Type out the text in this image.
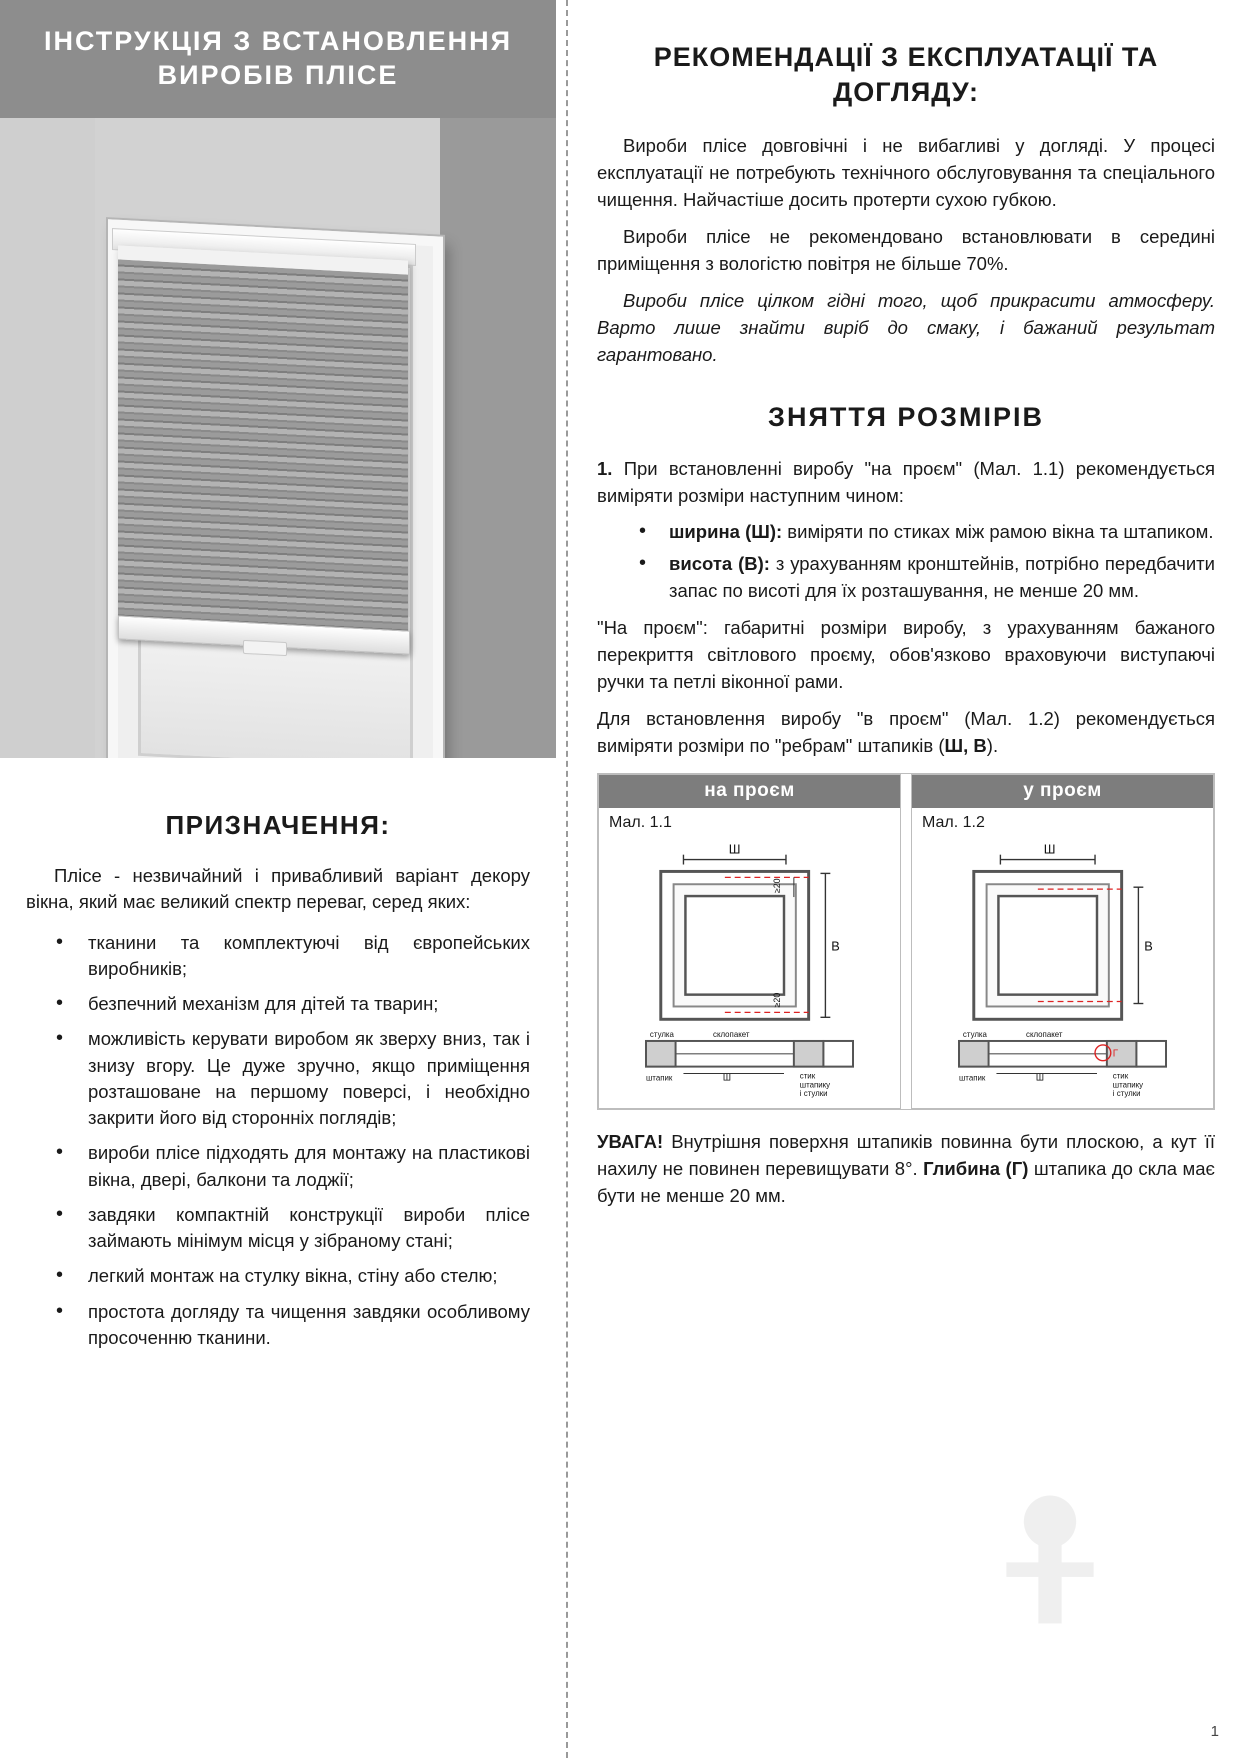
ІНСТРУКЦІЯ З ВСТАНОВЛЕННЯ
ВИРОБІВ ПЛІСЕ
ПРИЗНАЧЕННЯ:

Пліcе - незвичайний і привабливий варіант декору вікна, який має великий спектр переваг, серед яких:

• тканини та комплектуючі від європейських виробників;
• безпечний механізм для дітей та тварин;
• можливість керувати виробом як зверху вниз, так і знизу вгору. Це дуже зручно, якщо приміщення розташоване на першому поверсі, і необхідно закрити його від сторонніх поглядів;
• вироби пліcе підходять для монтажу на пластикові вікна, двері, балкони та лоджії;
• завдяки компактній конструкції вироби пліcе займають мінімум місця у зібраному стані;
• легкий монтаж на стулку вікна, стіну або стелю;
• простота догляду та чищення завдяки особливому просоченню тканини.
РЕКОМЕНДАЦІЇ З ЕКСПЛУАТАЦІЇ ТА ДОГЛЯДУ:

Вироби пліcе довговічні і не вибагливі у догляді. У процесі експлуатації не потребують технічного обслуговування та спеціального чищення. Найчастіше досить протерти сухою губкою.

Вироби пліcе не рекомендовано встановлювати в середині приміщення з вологістю повітря не більше 70%.

Вироби пліcе цілком гідні того, щоб прикрасити атмосферу. Варто лише знайти виріб до смаку, і бажаний результат гарантовано.

ЗНЯТТЯ РОЗМІРІВ

1. При встановленні виробу "на проєм" (Мал. 1.1) рекомендується виміряти розміри наступним чином:

• ширина (Ш): виміряти по стиках між рамою вікна та штапиком.
• висота (В): з урахуванням кронштейнів, потрібно передбачити запас по висоті для їх розташування, не менше 20 мм.

"На проєм": габаритні розміри виробу, з урахуванням бажаного перекриття світлового проєму, обов'язково враховуючи виступаючі ручки та петлі віконної рами.

Для встановлення виробу "в проєм" (Мал. 1.2) рекомендується виміряти розміри по "ребрам" штапиків (Ш, В).

на проєм
Мал. 1.1
Ш
В
≥20
≥20
стулка	склопакет
штапик	Ш	стик
штапику
і стулки
у проєм
Мал. 1.2
Ш
В
стулка	склопакет
штапик	Ш	стик
штапику
і стулки
Г

УВАГА! Внутрішня поверхня штапиків повинна бути плоскою, а кут її нахилу не повинен перевищувати 8°. Глибина (Г) штапика до скла має бути не менше 20 мм.

1
